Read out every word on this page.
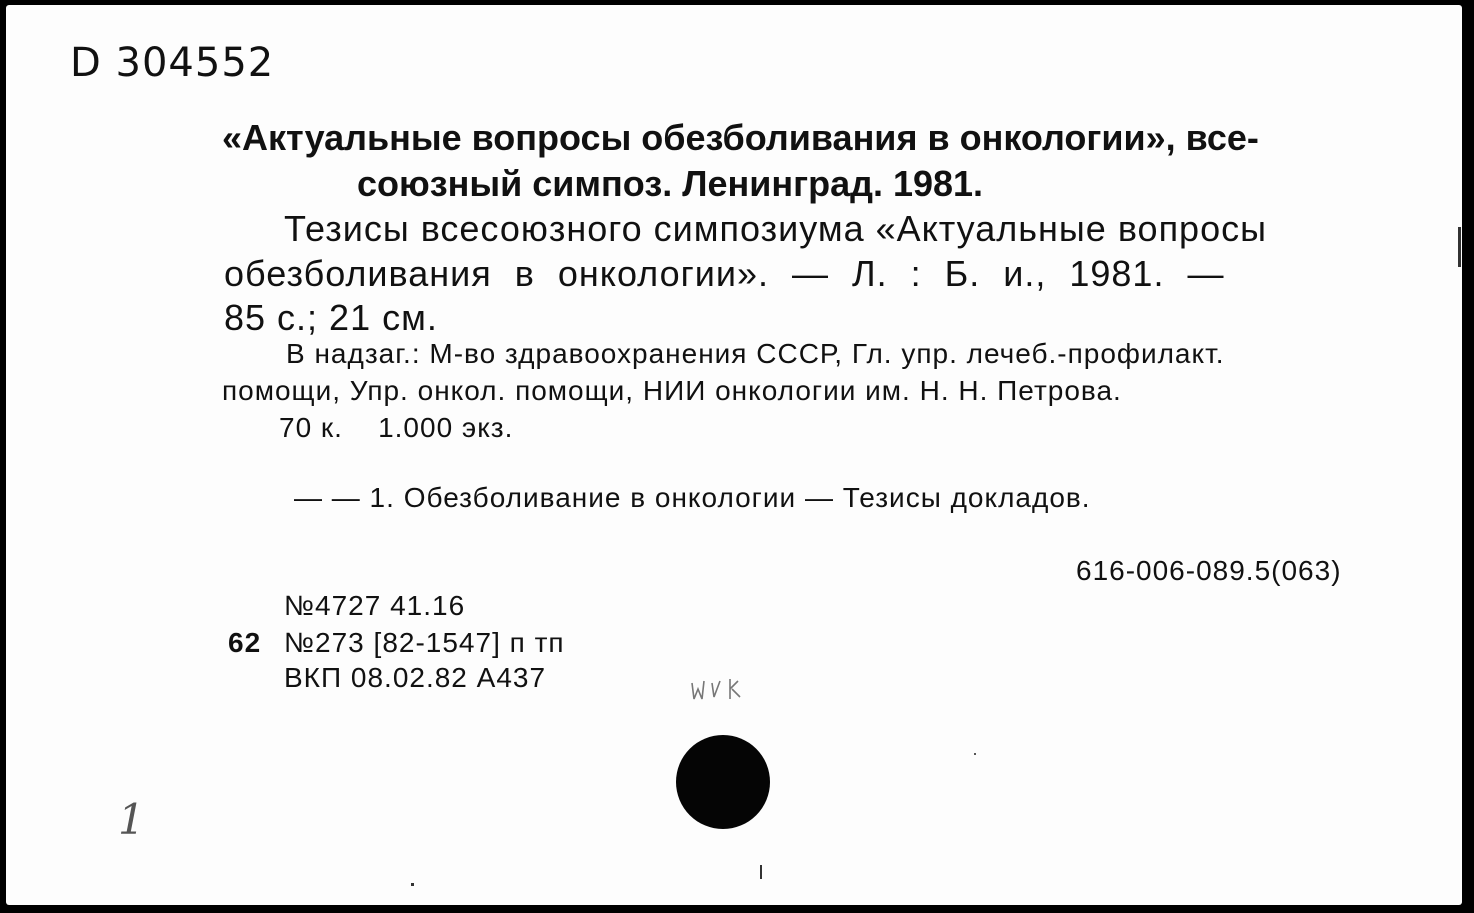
D 304552
«Актуальные вопросы обезболивания в онкологии», все-
союзный симпоз. Ленинград. 1981.
Тезисы всесоюзного симпозиума «Актуальные вопросы
обезболивания в онкологии». — Л. : Б. и., 1981. —
85 с.; 21 см.
В надзаг.: М-во здравоохранения СССР, Гл. упр. лечеб.-профилакт.
помощи, Упр. онкол. помощи, НИИ онкологии им. Н. Н. Петрова.
70 к.    1.000 экз.
— — 1. Обезболивание в онкологии — Тезисы докладов.
616-006-089.5(063)
№4727 41.16
62 №273 [82-1547] п тп
ВКП 08.02.82 А437
1
